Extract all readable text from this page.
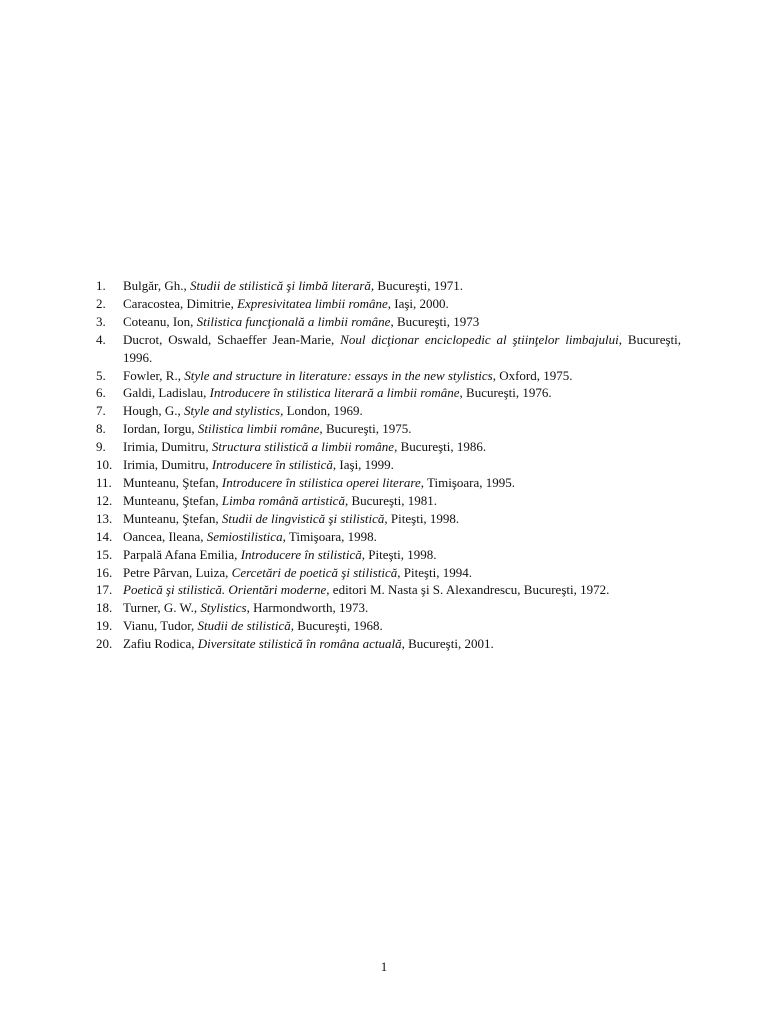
1.	Bulgăr, Gh., Studii de stilistică şi limbă literară, Bucureşti, 1971.
2.	Caracostea, Dimitrie, Expresivitatea limbii române, Iaşi, 2000.
3.	Coteanu, Ion, Stilistica funcţională a limbii române, Bucureşti, 1973
4.	Ducrot, Oswald, Schaeffer Jean-Marie, Noul dicţionar enciclopedic al ştiinţelor limbajului, Bucureşti, 1996.
5.	Fowler, R., Style and structure in literature: essays in the new stylistics, Oxford, 1975.
6.	Galdi, Ladislau, Introducere în stilistica literară a limbii române, Bucureşti, 1976.
7.	Hough, G., Style and stylistics, London, 1969.
8.	Iordan, Iorgu, Stilistica limbii române, Bucureşti, 1975.
9.	Irimia, Dumitru, Structura stilistică a limbii române, Bucureşti, 1986.
10. Irimia, Dumitru, Introducere în stilistică, Iaşi, 1999.
11. Munteanu, Ştefan, Introducere în stilistica operei literare, Timişoara, 1995.
12. Munteanu, Ştefan, Limba română artistică, Bucureşti, 1981.
13. Munteanu, Ştefan, Studii de lingvistică şi stilistică, Piteşti, 1998.
14. Oancea, Ileana, Semiostilistica, Timişoara, 1998.
15. Parpală Afana Emilia, Introducere în stilistică, Piteşti, 1998.
16. Petre Pârvan, Luiza, Cercetări de poetică şi stilistică, Piteşti, 1994.
17. Poetică şi stilistică. Orientări moderne, editori M. Nasta şi S. Alexandrescu, Bucureşti, 1972.
18. Turner, G. W., Stylistics, Harmondworth, 1973.
19. Vianu, Tudor, Studii de stilistică, Bucureşti, 1968.
20. Zafiu Rodica, Diversitate stilistică în româna actuală, Bucureşti, 2001.
1
